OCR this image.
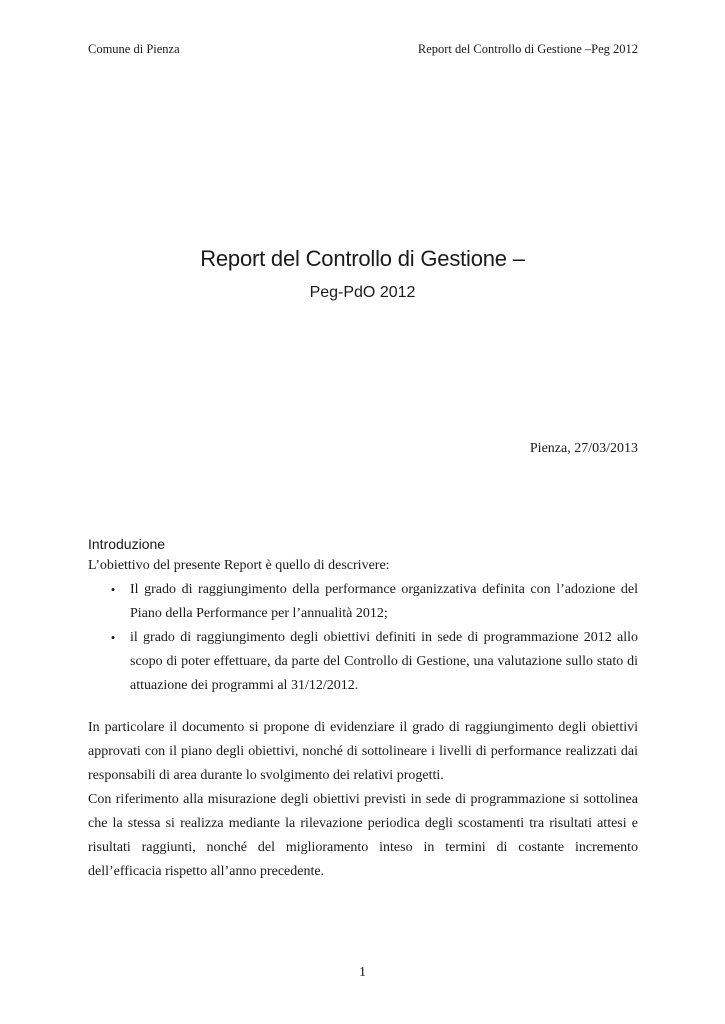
Comune di Pienza	Report del Controllo di Gestione –Peg 2012
Report del Controllo di Gestione –
Peg-PdO 2012
Pienza, 27/03/2013

Introduzione

L’obiettivo del presente Report è quello di descrivere:

• Il grado di raggiungimento della performance organizzativa definita con l’adozione del Piano della Performance per l’annualità 2012;
• il grado di raggiungimento degli obiettivi definiti in sede di programmazione 2012 allo scopo di poter effettuare, da parte del Controllo di Gestione, una valutazione sullo stato di attuazione dei programmi al 31/12/2012.

In particolare il documento si propone di evidenziare il grado di raggiungimento degli obiettivi approvati con il piano degli obiettivi, nonché di sottolineare i livelli di performance realizzati dai responsabili di area durante lo svolgimento dei relativi progetti.

Con riferimento alla misurazione degli obiettivi previsti in sede di programmazione si sottolinea che la stessa si realizza mediante la rilevazione periodica degli scostamenti tra risultati attesi e risultati raggiunti, nonché del miglioramento inteso in termini di costante incremento dell’efficacia rispetto all’anno precedente.

1
